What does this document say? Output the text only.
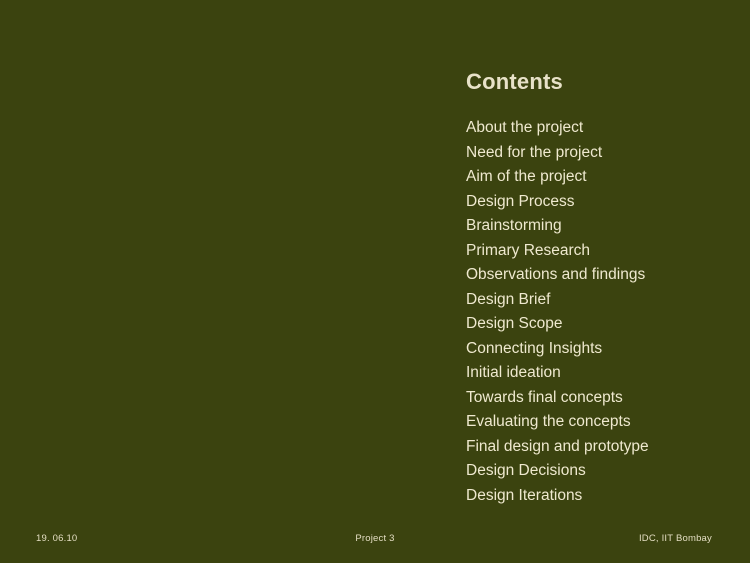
Contents
About the project
Need for the project
Aim of the project
Design Process
Brainstorming
Primary Research
Observations and findings
Design Brief
Design Scope
Connecting Insights
Initial ideation
Towards final concepts
Evaluating the concepts
Final design and prototype
Design Decisions
Design Iterations
19. 06.10	Project 3	IDC, IIT Bombay
